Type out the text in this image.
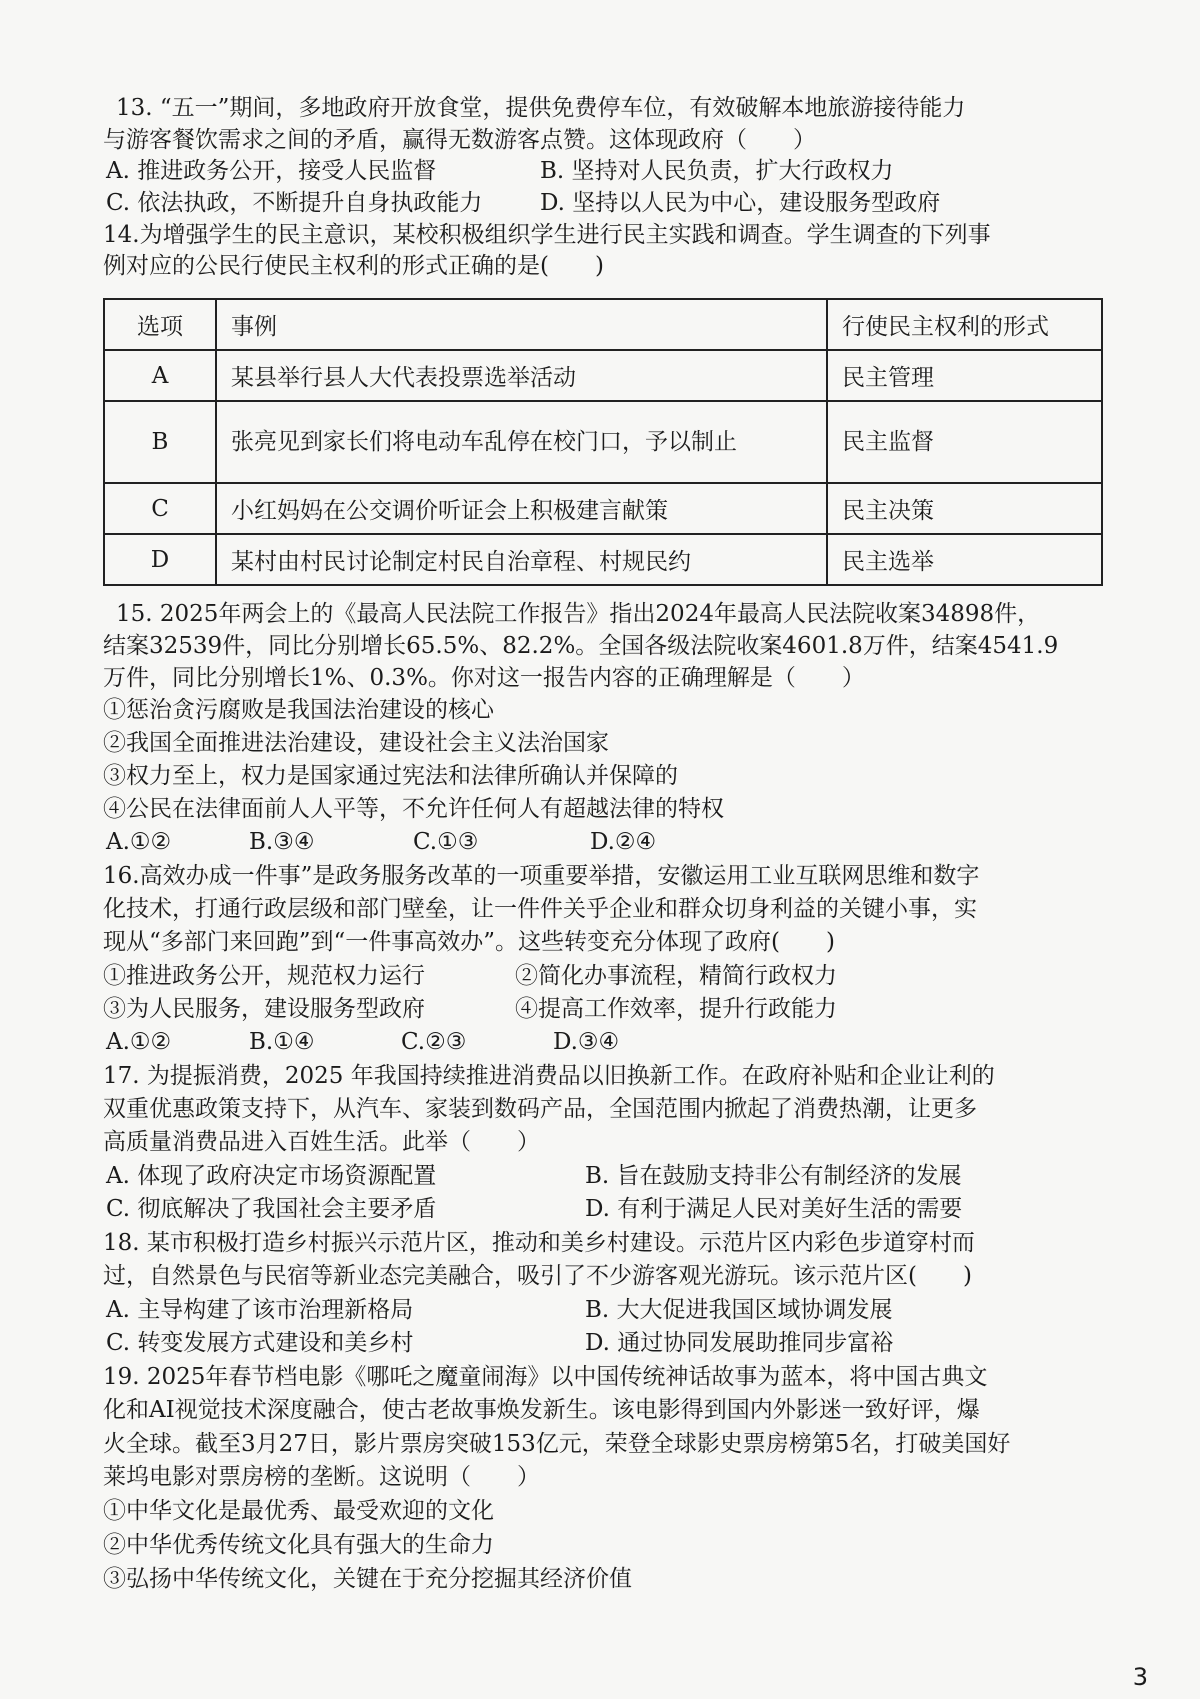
13. “五一”期间，多地政府开放食堂，提供免费停车位，有效破解本地旅游接待能力
与游客餐饮需求之间的矛盾，赢得无数游客点赞。这体现政府（　　）
A. 推进政务公开，接受人民监督	B. 坚持对人民负责，扩大行政权力
C. 依法执政，不断提升自身执政能力	D. 坚持以人民为中心，建设服务型政府
14.为增强学生的民主意识，某校积极组织学生进行民主实践和调查。学生调查的下列事
例对应的公民行使民主权利的形式正确的是(　　)
选项	事例	行使民主权利的形式
A	某县举行县人大代表投票选举活动	民主管理
B	张亮见到家长们将电动车乱停在校门口，予以制止	民主监督
C	小红妈妈在公交调价听证会上积极建言献策	民主决策
D	某村由村民讨论制定村民自治章程、村规民约	民主选举
15. 2025年两会上的《最高人民法院工作报告》指出2024年最高人民法院收案34898件，
结案32539件，同比分别增长65.5%、82.2%。全国各级法院收案4601.8万件，结案4541.9
万件，同比分别增长1%、0.3%。你对这一报告内容的正确理解是（　　）
①惩治贪污腐败是我国法治建设的核心
②我国全面推进法治建设，建设社会主义法治国家
③权力至上，权力是国家通过宪法和法律所确认并保障的
④公民在法律面前人人平等，不允许任何人有超越法律的特权
A.①②	B.③④	C.①③	D.②④
16.高效办成一件事”是政务服务改革的一项重要举措，安徽运用工业互联网思维和数字
化技术，打通行政层级和部门壁垒，让一件件关乎企业和群众切身利益的关键小事，实
现从“多部门来回跑”到“一件事高效办”。这些转变充分体现了政府(　　)
①推进政务公开，规范权力运行	②简化办事流程，精简行政权力
③为人民服务，建设服务型政府	④提高工作效率，提升行政能力
A.①②	B.①④	C.②③	D.③④
17. 为提振消费，2025 年我国持续推进消费品以旧换新工作。在政府补贴和企业让利的
双重优惠政策支持下，从汽车、家装到数码产品，全国范围内掀起了消费热潮，让更多
高质量消费品进入百姓生活。此举（　　）
A. 体现了政府决定市场资源配置	B. 旨在鼓励支持非公有制经济的发展
C. 彻底解决了我国社会主要矛盾	D. 有利于满足人民对美好生活的需要
18. 某市积极打造乡村振兴示范片区，推动和美乡村建设。示范片区内彩色步道穿村而
过，自然景色与民宿等新业态完美融合，吸引了不少游客观光游玩。该示范片区(　　)
A. 主导构建了该市治理新格局	B. 大大促进我国区域协调发展
C. 转变发展方式建设和美乡村	D. 通过协同发展助推同步富裕
19. 2025年春节档电影《哪吒之魔童闹海》以中国传统神话故事为蓝本，将中国古典文
化和AI视觉技术深度融合，使古老故事焕发新生。该电影得到国内外影迷一致好评，爆
火全球。截至3月27日，影片票房突破153亿元，荣登全球影史票房榜第5名，打破美国好
莱坞电影对票房榜的垄断。这说明（　　）
①中华文化是最优秀、最受欢迎的文化
②中华优秀传统文化具有强大的生命力
③弘扬中华传统文化，关键在于充分挖掘其经济价值
3
